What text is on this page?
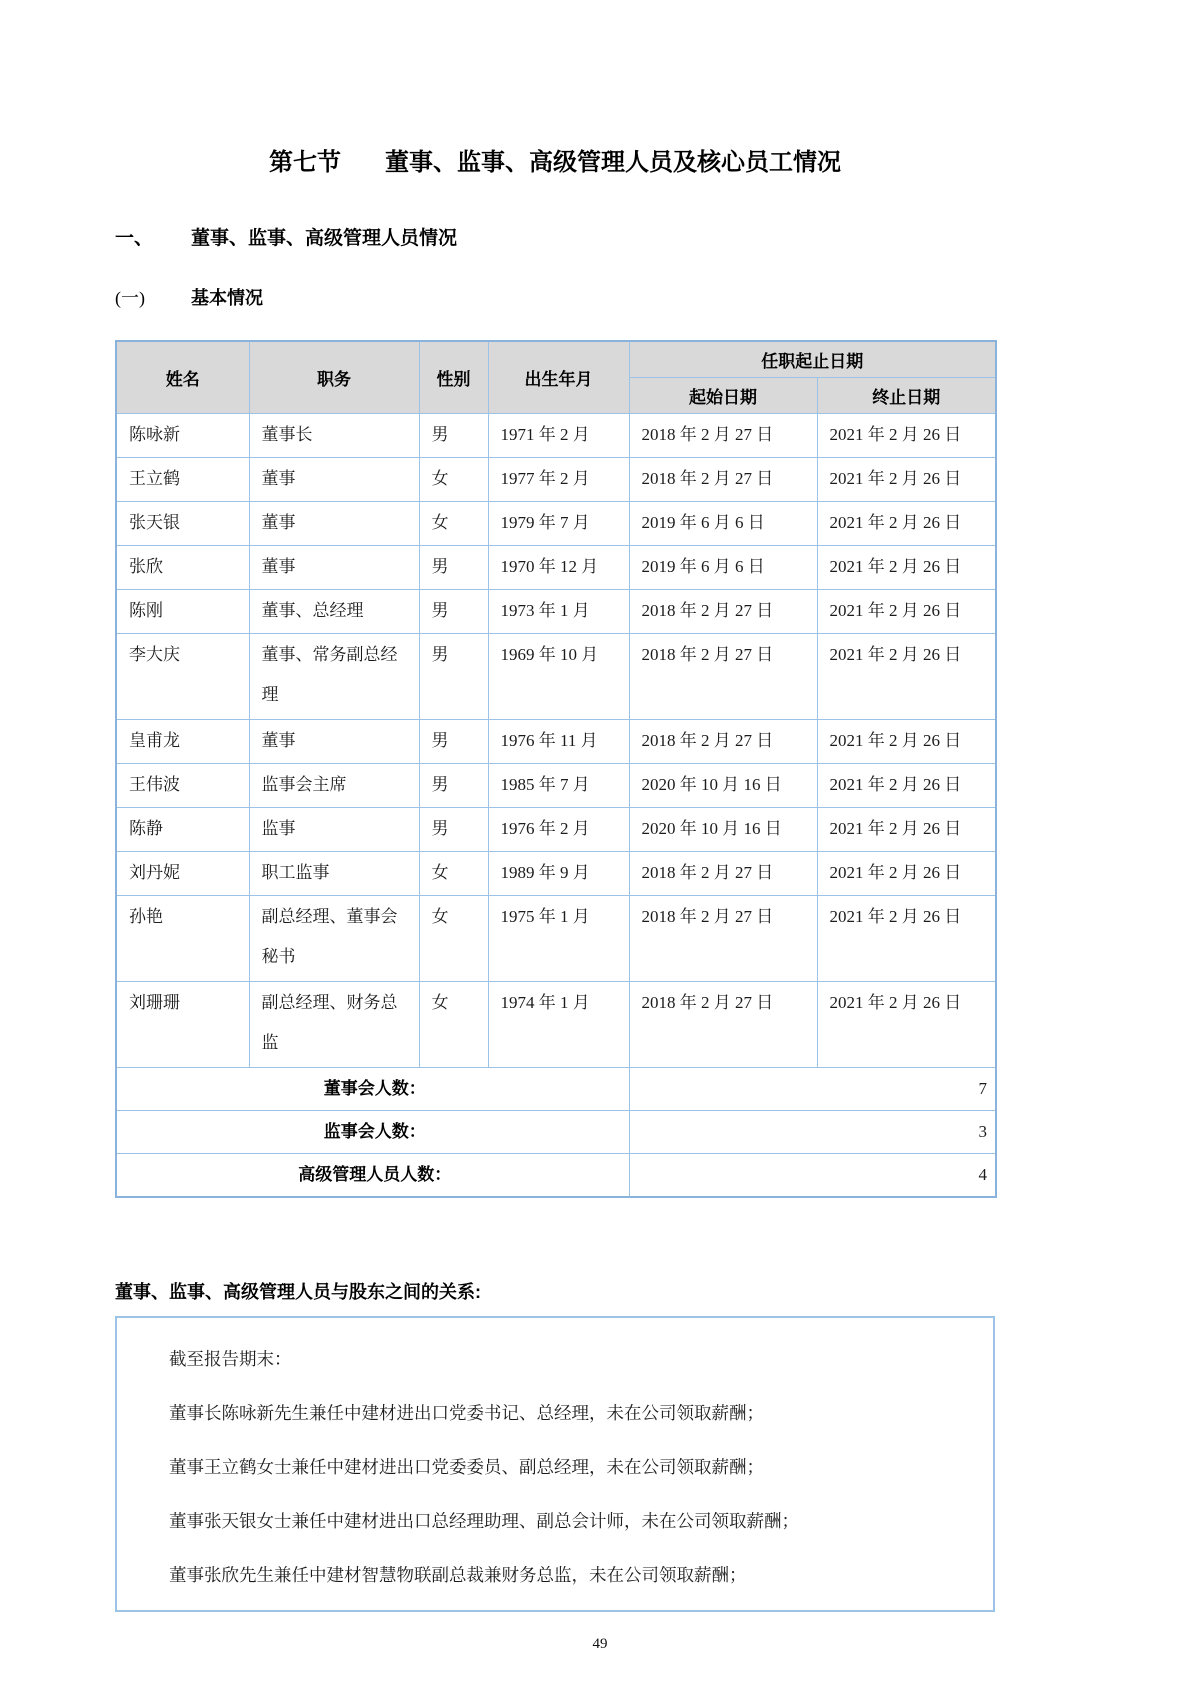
第七节 董事、监事、高级管理人员及核心员工情况
一、	董事、监事、高级管理人员情况
(一)	基本情况
姓名	职务	性别	出生年月	任职起止日期	
				起始日期	终止日期
陈咏新	董事长	男	1971 年 2 月	2018 年 2 月 27 日	2021 年 2 月 26 日
王立鹤	董事	女	1977 年 2 月	2018 年 2 月 27 日	2021 年 2 月 26 日
张天银	董事	女	1979 年 7 月	2019 年 6 月 6 日	2021 年 2 月 26 日
张欣	董事	男	1970 年 12 月	2019 年 6 月 6 日	2021 年 2 月 26 日
陈刚	董事、总经理	男	1973 年 1 月	2018 年 2 月 27 日	2021 年 2 月 26 日
李大庆	董事、常务副总经理	男	1969 年 10 月	2018 年 2 月 27 日	2021 年 2 月 26 日
皇甫龙	董事	男	1976 年 11 月	2018 年 2 月 27 日	2021 年 2 月 26 日
王伟波	监事会主席	男	1985 年 7 月	2020 年 10 月 16 日	2021 年 2 月 26 日
陈静	监事	男	1976 年 2 月	2020 年 10 月 16 日	2021 年 2 月 26 日
刘丹妮	职工监事	女	1989 年 9 月	2018 年 2 月 27 日	2021 年 2 月 26 日
孙艳	副总经理、董事会秘书	女	1975 年 1 月	2018 年 2 月 27 日	2021 年 2 月 26 日
刘珊珊	副总经理、财务总监	女	1974 年 1 月	2018 年 2 月 27 日	2021 年 2 月 26 日
董事会人数：				7	
监事会人数：				3	
高级管理人员人数：				4	
董事、监事、高级管理人员与股东之间的关系:
截至报告期末：
董事长陈咏新先生兼任中建材进出口党委书记、总经理，未在公司领取薪酬；
董事王立鹤女士兼任中建材进出口党委委员、副总经理，未在公司领取薪酬；
董事张天银女士兼任中建材进出口总经理助理、副总会计师，未在公司领取薪酬；
董事张欣先生兼任中建材智慧物联副总裁兼财务总监，未在公司领取薪酬；
49
